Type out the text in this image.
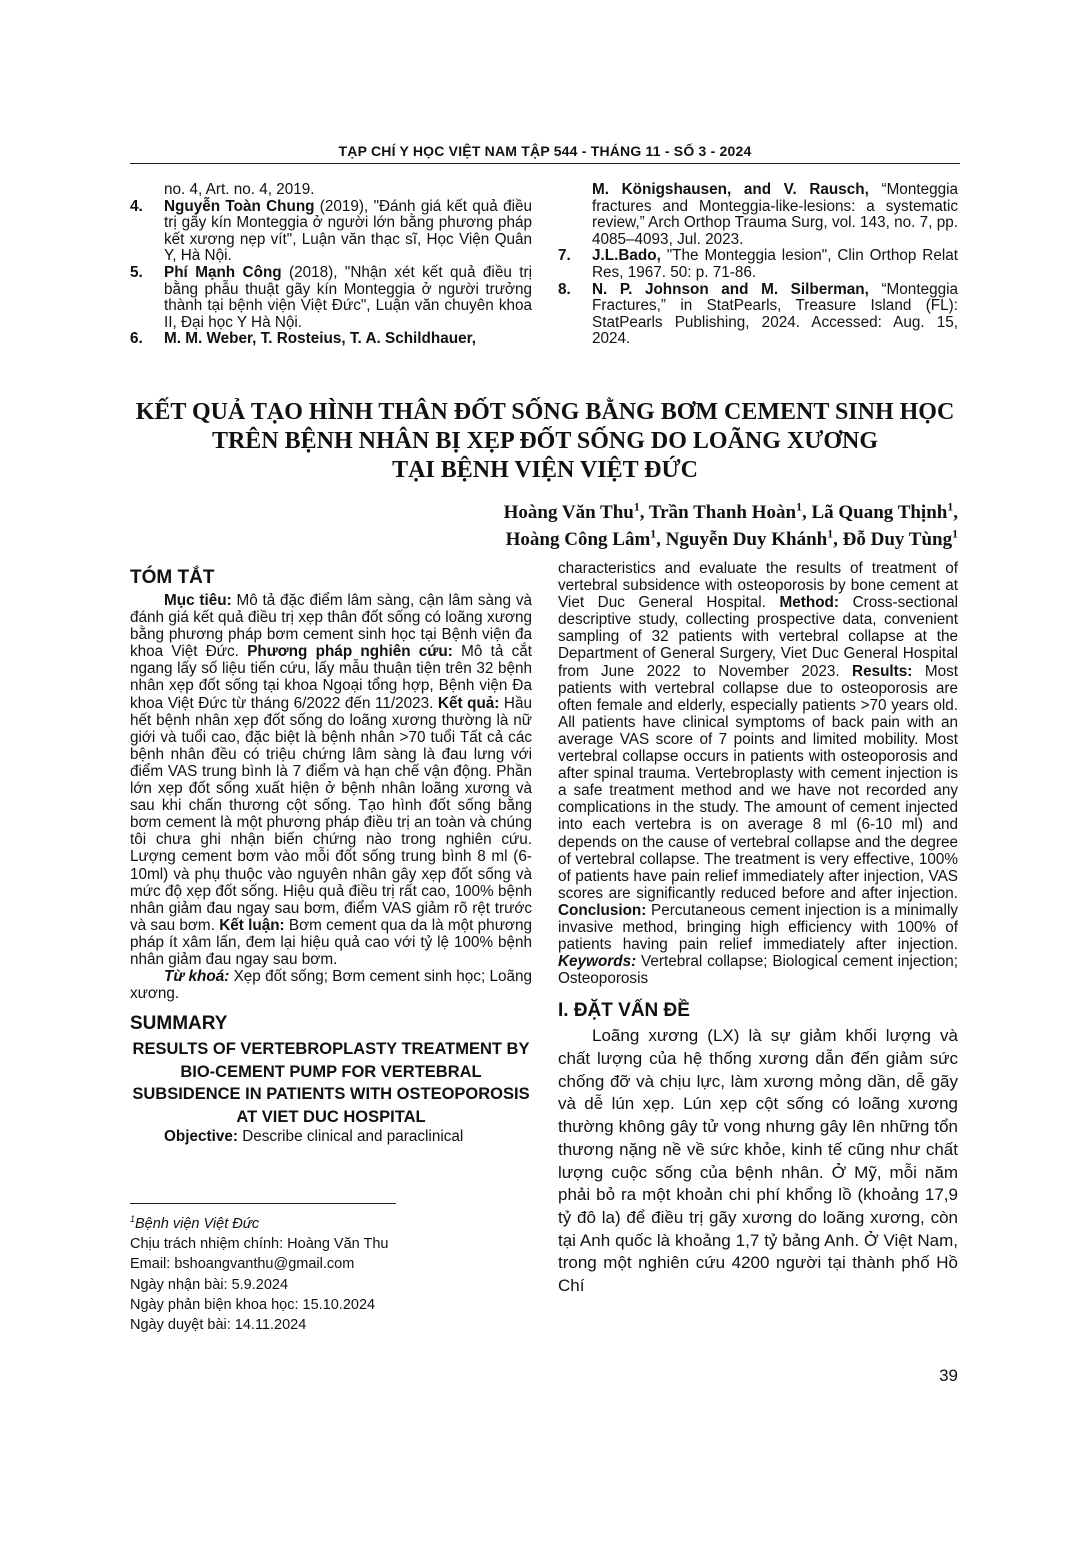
TẠP CHÍ Y HỌC VIỆT NAM TẬP 544 - THÁNG 11 - SỐ 3 - 2024
no. 4, Art. no. 4, 2019.
4. Nguyễn Toàn Chung (2019), "Đánh giá kết quả điều trị gãy kín Monteggia ở người lớn bằng phương pháp kết xương nẹp vít", Luận văn thạc sĩ, Học Viện Quân Y, Hà Nội.
5. Phí Mạnh Công (2018), "Nhận xét kết quả điều trị bằng phẫu thuật gãy kín Monteggia ở người trưởng thành tại bệnh viện Việt Đức", Luận văn chuyên khoa II, Đại học Y Hà Nội.
6. M. M. Weber, T. Rosteius, T. A. Schildhauer,
M. Königshausen, and V. Rausch, “Monteggia fractures and Monteggia-like-lesions: a systematic review,” Arch Orthop Trauma Surg, vol. 143, no. 7, pp. 4085–4093, Jul. 2023.
7. J.L.Bado, "The Monteggia lesion", Clin Orthop Relat Res, 1967. 50: p. 71-86.
8. N. P. Johnson and M. Silberman, “Monteggia Fractures,” in StatPearls, Treasure Island (FL): StatPearls Publishing, 2024. Accessed: Aug. 15, 2024.
KẾT QUẢ TẠO HÌNH THÂN ĐỐT SỐNG BẰNG BƠM CEMENT SINH HỌC
TRÊN BỆNH NHÂN BỊ XẸP ĐỐT SỐNG DO LOÃNG XƯƠNG
TẠI BỆNH VIỆN VIỆT ĐỨC
Hoàng Văn Thu$^1$, Trần Thanh Hoàn$^1$, Lã Quang Thịnh$^1$,
Hoàng Công Lâm$^1$, Nguyễn Duy Khánh$^1$, Đỗ Duy Tùng$^1$
TÓM TẮT

Mục tiêu: Mô tả đặc điểm lâm sàng, cận lâm sàng và đánh giá kết quả điều trị xẹp thân đốt sống có loãng xương bằng phương pháp bơm cement sinh học tại Bệnh viện đa khoa Việt Đức. Phương pháp nghiên cứu: Mô tả cắt ngang lấy số liệu tiến cứu, lấy mẫu thuận tiện trên 32 bệnh nhân xẹp đốt sống tại khoa Ngoại tổng hợp, Bệnh viện Đa khoa Việt Đức từ tháng 6/2022 đến 11/2023. Kết quả: Hầu hết bệnh nhân xẹp đốt sống do loãng xương thường là nữ giới và tuổi cao, đặc biệt là bệnh nhân >70 tuổi Tất cả các bệnh nhân đều có triệu chứng lâm sàng là đau lưng với điểm VAS trung bình là 7 điểm và hạn chế vận động. Phần lớn xẹp đốt sống xuất hiện ở bệnh nhân loãng xương và sau khi chấn thương cột sống. Tạo hình đốt sống bằng bơm cement là một phương pháp điều trị an toàn và chúng tôi chưa ghi nhận biến chứng nào trong nghiên cứu. Lượng cement bơm vào mỗi đốt sống trung bình 8 ml (6-10ml) và phụ thuộc vào nguyên nhân gây xẹp đốt sống và mức độ xẹp đốt sống. Hiệu quả điều trị rất cao, 100% bệnh nhân giảm đau ngay sau bơm, điểm VAS giảm rõ rệt trước và sau bơm. Kết luận: Bơm cement qua da là một phương pháp ít xâm lấn, đem lại hiệu quả cao với tỷ lệ 100% bệnh nhân giảm đau ngay sau bơm.

Từ khoá: Xẹp đốt sống; Bơm cement sinh học; Loãng xương.

SUMMARY
RESULTS OF VERTEBROPLASTY TREATMENT BY BIO-CEMENT PUMP FOR VERTEBRAL SUBSIDENCE IN PATIENTS WITH OSTEOPOROSIS AT VIET DUC HOSPITAL

Objective: Describe clinical and paraclinical

characteristics and evaluate the results of treatment of vertebral subsidence with osteoporosis by bone cement at Viet Duc General Hospital. Method: Cross-sectional descriptive study, collecting prospective data, convenient sampling of 32 patients with vertebral collapse at the Department of General Surgery, Viet Duc General Hospital from June 2022 to November 2023. Results: Most patients with vertebral collapse due to osteoporosis are often female and elderly, especially patients >70 years old. All patients have clinical symptoms of back pain with an average VAS score of 7 points and limited mobility. Most vertebral collapse occurs in patients with osteoporosis and after spinal trauma. Vertebroplasty with cement injection is a safe treatment method and we have not recorded any complications in the study. The amount of cement injected into each vertebra is on average 8 ml (6-10 ml) and depends on the cause of vertebral collapse and the degree of vertebral collapse. The treatment is very effective, 100% of patients have pain relief immediately after injection, VAS scores are significantly reduced before and after injection. Conclusion: Percutaneous cement injection is a minimally invasive method, bringing high efficiency with 100% of patients having pain relief immediately after injection. Keywords: Vertebral collapse; Biological cement injection; Osteoporosis

I. ĐẶT VẤN ĐỀ

Loãng xương (LX) là sự giảm khối lượng và chất lượng của hệ thống xương dẫn đến giảm sức chống đỡ và chịu lực, làm xương mỏng dần, dễ gãy và dễ lún xẹp. Lún xẹp cột sống có loãng xương thường không gây tử vong nhưng gây lên những tổn thương nặng nề về sức khỏe, kinh tế cũng như chất lượng cuộc sống của bệnh nhân. Ở Mỹ, mỗi năm phải bỏ ra một khoản chi phí khổng lồ (khoảng 17,9 tỷ đô la) để điều trị gãy xương do loãng xương, còn tại Anh quốc là khoảng 1,7 tỷ bảng Anh. Ở Việt Nam, trong một nghiên cứu 4200 người tại thành phố Hồ Chí

$^1$Bệnh viện Việt Đức
Chịu trách nhiệm chính: Hoàng Văn Thu
Email: bshoangvanthu@gmail.com
Ngày nhận bài: 5.9.2024
Ngày phản biện khoa học: 15.10.2024
Ngày duyệt bài: 14.11.2024
39
